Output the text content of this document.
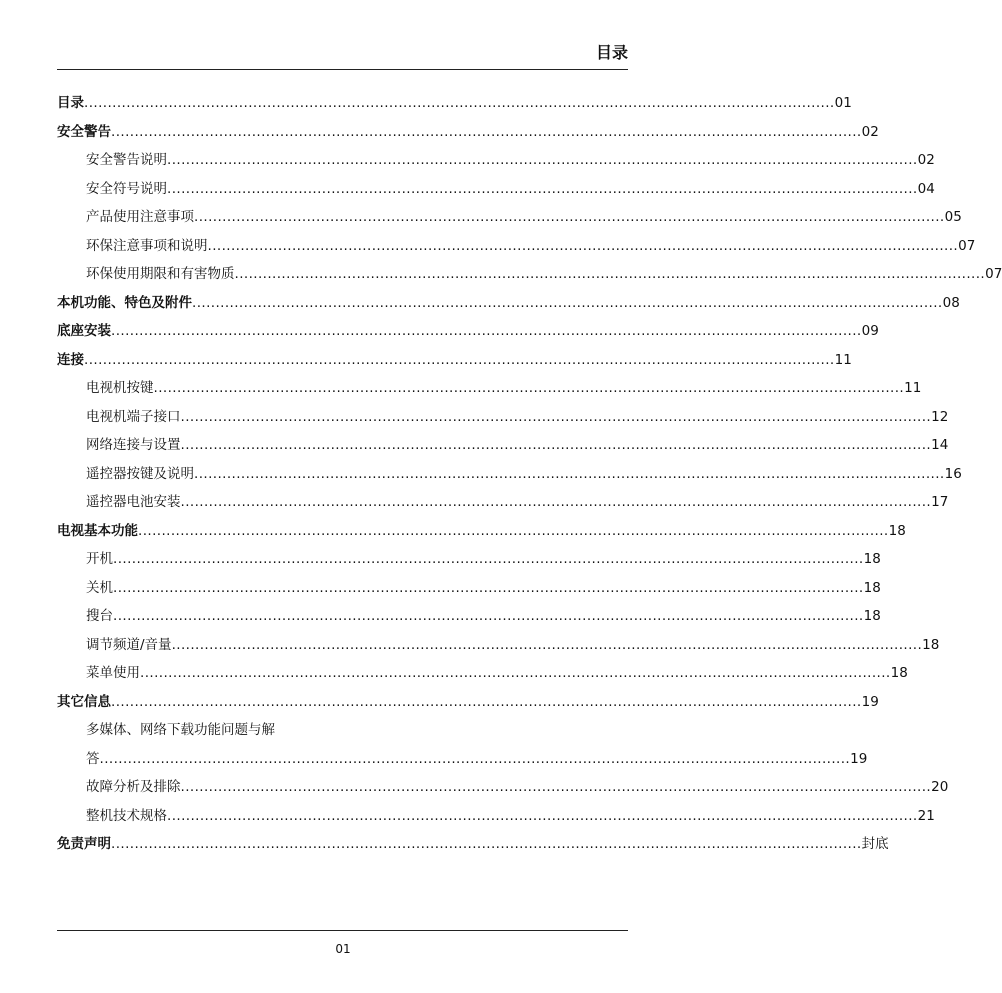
目录
目录 ................................................................................................................................................................ 01
安全警告 ................................................................................................................................................................ 02
安全警告说明 ................................................................................................................................................................ 02
安全符号说明 ................................................................................................................................................................ 04
产品使用注意事项 ................................................................................................................................................................ 05
环保注意事项和说明 ................................................................................................................................................................ 07
环保使用期限和有害物质 ................................................................................................................................................................ 07
本机功能、特色及附件 ................................................................................................................................................................ 08
底座安装 ................................................................................................................................................................ 09
连接 ................................................................................................................................................................ 11
电视机按键 ................................................................................................................................................................ 11
电视机端子接口 ................................................................................................................................................................ 12
网络连接与设置 ................................................................................................................................................................ 14
遥控器按键及说明 ................................................................................................................................................................ 16
遥控器电池安装 ................................................................................................................................................................ 17
电视基本功能 ................................................................................................................................................................ 18
开机 ................................................................................................................................................................ 18
关机 ................................................................................................................................................................ 18
搜台 ................................................................................................................................................................ 18
调节频道/音量 ................................................................................................................................................................ 18
菜单使用 ................................................................................................................................................................ 18
其它信息 ................................................................................................................................................................ 19
多媒体、网络下载功能问题与解
答 ................................................................................................................................................................ 19
故障分析及排除 ................................................................................................................................................................ 20
整机技术规格 ................................................................................................................................................................ 21
免责声明 ................................................................................................................................................................ 封底
01
